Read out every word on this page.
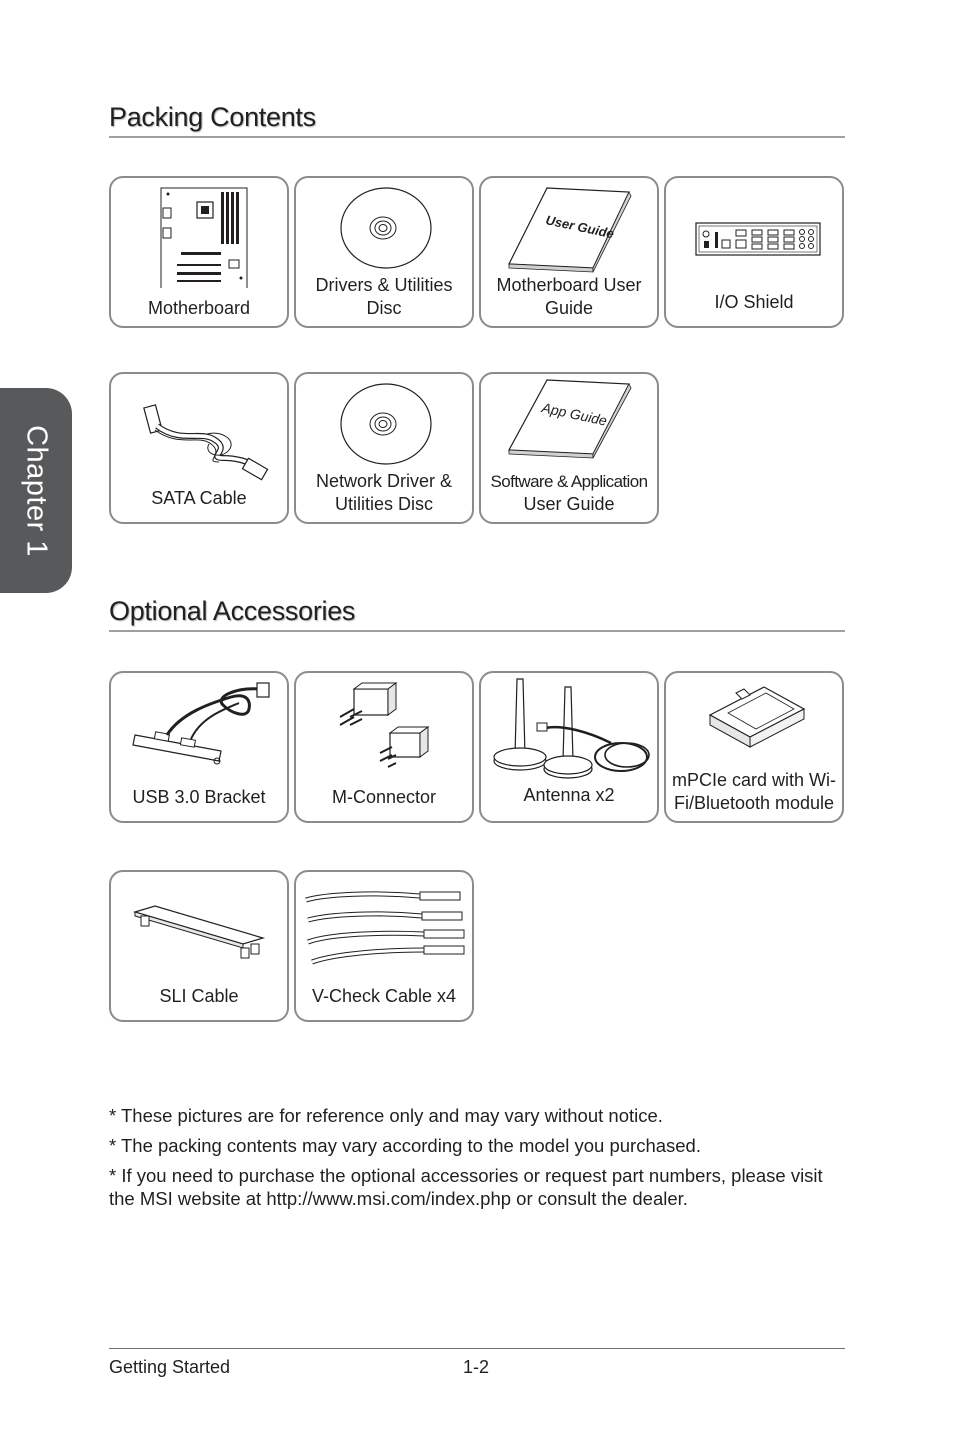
Chapter 1
Packing Contents
Motherboard
Drivers & Utilities Disc
User Guide
Motherboard User Guide	I/O Shield
SATA Cable
Network Driver & Utilities Disc
App Guide
Software & Application
User Guide
Optional Accessories
USB 3.0 Bracket	M-Connector	Antenna x2
mPCIe card with Wi-Fi/Bluetooth module
SLI Cable	V-Check Cable x4

* These pictures are for reference only and may vary without notice.

* The packing contents may vary according to the model you purchased.

* If you need to purchase the optional accessories or request part numbers, please visit the MSI website at http://www.msi.com/index.php or consult the dealer.

Getting Started	1-2
